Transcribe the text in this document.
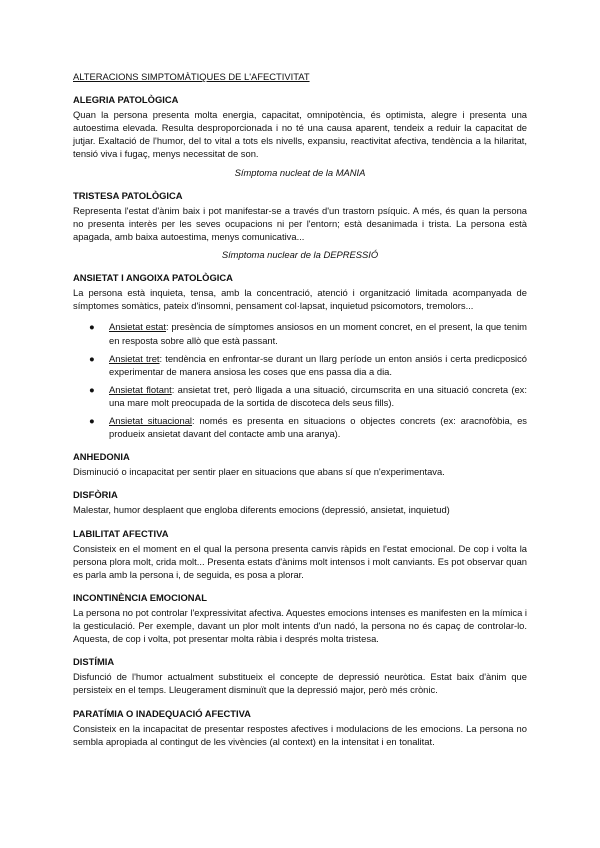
ALTERACIONS SIMPTOMÀTIQUES DE L'AFECTIVITAT
ALEGRIA PATOLÒGICA
Quan la persona presenta molta energia, capacitat, omnipotència, és optimista, alegre i presenta una autoestima elevada. Resulta desproporcionada i no té una causa aparent, tendeix a reduir la capacitat de jutjar. Exaltació de l'humor, del to vital a tots els nivells, expansiu, reactivitat afectiva, tendència a la hilaritat, tensió viva i fugaç, menys necessitat de son.
Símptoma nucleat de la MANIA
TRISTESA PATOLÒGICA
Representa l'estat d'ànim baix i pot manifestar-se a través d'un trastorn psíquic. A més, és quan la persona no presenta interès per les seves ocupacions ni per l'entorn; està desanimada i trista. La persona està apagada, amb baixa autoestima, menys comunicativa...
Símptoma nuclear de la DEPRESSIÓ
ANSIETAT I ANGOIXA PATOLÒGICA
La persona està inquieta, tensa, amb la concentració, atenció i organització limitada acompanyada de símptomes somàtics, pateix d'insomni, pensament col·lapsat, inquietud psicomotors, tremolors...
● Ansietat estat: presència de símptomes ansiosos en un moment concret, en el present, la que tenim en resposta sobre allò que està passant.
● Ansietat tret: tendència en enfrontar-se durant un llarg període un enton ansiós i certa predicposicó experimentar de manera ansiosa les coses que ens passa dia a dia.
● Ansietat flotant: ansietat tret, però lligada a una situació, circumscrita en una situació concreta (ex: una mare molt preocupada de la sortida de discoteca dels seus fills).
● Ansietat situacional: només es presenta en situacions o objectes concrets (ex: aracnofòbia, es produeix ansietat davant del contacte amb una aranya).
ANHEDONIA
Disminució o incapacitat per sentir plaer en situacions que abans sí que n'experimentava.
DISFÒRIA
Malestar, humor desplaent que engloba diferents emocions (depressió, ansietat, inquietud)
LABILITAT AFECTIVA
Consisteix en el moment en el qual la persona presenta canvis ràpids en l'estat emocional. De cop i volta la persona plora molt, crida molt... Presenta estats d'ànims molt intensos i molt canviants. Es pot observar quan es parla amb la persona i, de seguida, es posa a plorar.
INCONTINÈNCIA EMOCIONAL
La persona no pot controlar l'expressivitat afectiva. Aquestes emocions intenses es manifesten en la mímica i la gesticulació. Per exemple, davant un plor molt intents d'un nadó, la persona no és capaç de controlar-lo. Aquesta, de cop i volta, pot presentar molta ràbia i després molta tristesa.
DISTÍMIA
Disfunció de l'humor actualment substitueix el concepte de depressió neuròtica. Estat baix d'ànim que persisteix en el temps. Lleugerament disminuït que la depressió major, però més crònic.
PARATÍMIA O INADEQUACIÓ AFECTIVA
Consisteix en la incapacitat de presentar respostes afectives i modulacions de les emocions. La persona no sembla apropiada al contingut de les vivències (al context) en la intensitat i en tonalitat.
